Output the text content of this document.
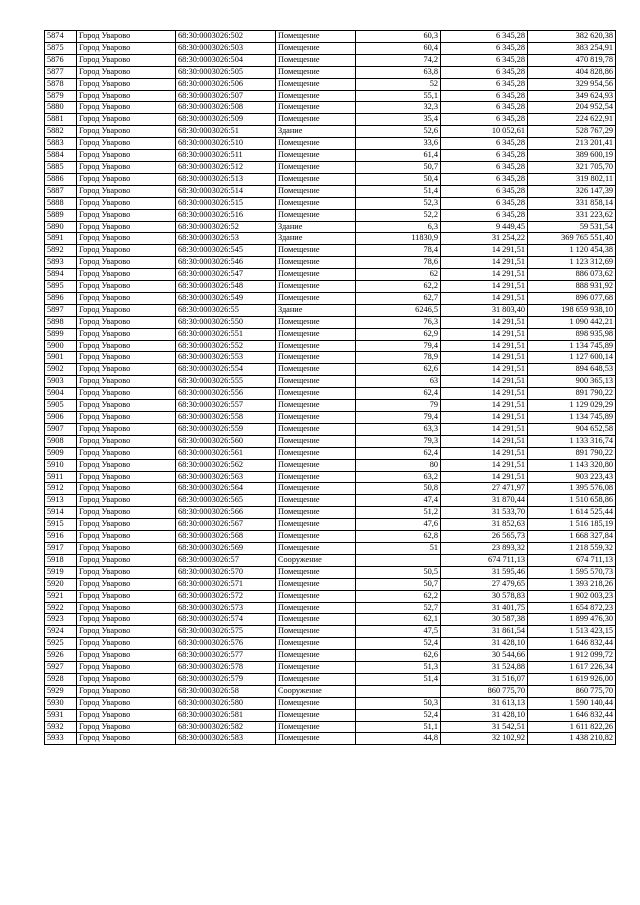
5874	Город Уварово	68:30:0003026:502	Помещение	60,3	6 345,28	382 620,38
5875	Город Уварово	68:30:0003026:503	Помещение	60,4	6 345,28	383 254,91
5876	Город Уварово	68:30:0003026:504	Помещение	74,2	6 345,28	470 819,78
5877	Город Уварово	68:30:0003026:505	Помещение	63,8	6 345,28	404 828,86
5878	Город Уварово	68:30:0003026:506	Помещение	52	6 345,28	329 954,56
5879	Город Уварово	68:30:0003026:507	Помещение	55,1	6 345,28	349 624,93
5880	Город Уварово	68:30:0003026:508	Помещение	32,3	6 345,28	204 952,54
5881	Город Уварово	68:30:0003026:509	Помещение	35,4	6 345,28	224 622,91
5882	Город Уварово	68:30:0003026:51	Здание	52,6	10 052,61	528 767,29
5883	Город Уварово	68:30:0003026:510	Помещение	33,6	6 345,28	213 201,41
5884	Город Уварово	68:30:0003026:511	Помещение	61,4	6 345,28	389 600,19
5885	Город Уварово	68:30:0003026:512	Помещение	50,7	6 345,28	321 705,70
5886	Город Уварово	68:30:0003026:513	Помещение	50,4	6 345,28	319 802,11
5887	Город Уварово	68:30:0003026:514	Помещение	51,4	6 345,28	326 147,39
5888	Город Уварово	68:30:0003026:515	Помещение	52,3	6 345,28	331 858,14
5889	Город Уварово	68:30:0003026:516	Помещение	52,2	6 345,28	331 223,62
5890	Город Уварово	68:30:0003026:52	Здание	6,3	9 449,45	59 531,54
5891	Город Уварово	68:30:0003026:53	Здание	11830,9	31 254,22	369 765 551,40
5892	Город Уварово	68:30:0003026:545	Помещение	78,4	14 291,51	1 120 454,38
5893	Город Уварово	68:30:0003026:546	Помещение	78,6	14 291,51	1 123 312,69
5894	Город Уварово	68:30:0003026:547	Помещение	62	14 291,51	886 073,62
5895	Город Уварово	68:30:0003026:548	Помещение	62,2	14 291,51	888 931,92
5896	Город Уварово	68:30:0003026:549	Помещение	62,7	14 291,51	896 077,68
5897	Город Уварово	68:30:0003026:55	Здание	6246,5	31 803,40	198 659 938,10
5898	Город Уварово	68:30:0003026:550	Помещение	76,3	14 291,51	1 090 442,21
5899	Город Уварово	68:30:0003026:551	Помещение	62,9	14 291,51	898 935,98
5900	Город Уварово	68:30:0003026:552	Помещение	79,4	14 291,51	1 134 745,89
5901	Город Уварово	68:30:0003026:553	Помещение	78,9	14 291,51	1 127 600,14
5902	Город Уварово	68:30:0003026:554	Помещение	62,6	14 291,51	894 648,53
5903	Город Уварово	68:30:0003026:555	Помещение	63	14 291,51	900 365,13
5904	Город Уварово	68:30:0003026:556	Помещение	62,4	14 291,51	891 790,22
5905	Город Уварово	68:30:0003026:557	Помещение	79	14 291,51	1 129 029,29
5906	Город Уварово	68:30:0003026:558	Помещение	79,4	14 291,51	1 134 745,89
5907	Город Уварово	68:30:0003026:559	Помещение	63,3	14 291,51	904 652,58
5908	Город Уварово	68:30:0003026:560	Помещение	79,3	14 291,51	1 133 316,74
5909	Город Уварово	68:30:0003026:561	Помещение	62,4	14 291,51	891 790,22
5910	Город Уварово	68:30:0003026:562	Помещение	80	14 291,51	1 143 320,80
5911	Город Уварово	68:30:0003026:563	Помещение	63,2	14 291,51	903 223,43
5912	Город Уварово	68:30:0003026:564	Помещение	50,8	27 471,97	1 395 576,08
5913	Город Уварово	68:30:0003026:565	Помещение	47,4	31 870,44	1 510 658,86
5914	Город Уварово	68:30:0003026:566	Помещение	51,2	31 533,70	1 614 525,44
5915	Город Уварово	68:30:0003026:567	Помещение	47,6	31 852,63	1 516 185,19
5916	Город Уварово	68:30:0003026:568	Помещение	62,8	26 565,73	1 668 327,84
5917	Город Уварово	68:30:0003026:569	Помещение	51	23 893,32	1 218 559,32
5918	Город Уварово	68:30:0003026:57	Сооружение		674 711,13	674 711,13
5919	Город Уварово	68:30:0003026:570	Помещение	50,5	31 595,46	1 595 570,73
5920	Город Уварово	68:30:0003026:571	Помещение	50,7	27 479,65	1 393 218,26
5921	Город Уварово	68:30:0003026:572	Помещение	62,2	30 578,83	1 902 003,23
5922	Город Уварово	68:30:0003026:573	Помещение	52,7	31 401,75	1 654 872,23
5923	Город Уварово	68:30:0003026:574	Помещение	62,1	30 587,38	1 899 476,30
5924	Город Уварово	68:30:0003026:575	Помещение	47,5	31 861,54	1 513 423,15
5925	Город Уварово	68:30:0003026:576	Помещение	52,4	31 428,10	1 646 832,44
5926	Город Уварово	68:30:0003026:577	Помещение	62,6	30 544,66	1 912 099,72
5927	Город Уварово	68:30:0003026:578	Помещение	51,3	31 524,88	1 617 226,34
5928	Город Уварово	68:30:0003026:579	Помещение	51,4	31 516,07	1 619 926,00
5929	Город Уварово	68:30:0003026:58	Сооружение		860 775,70	860 775,70
5930	Город Уварово	68:30:0003026:580	Помещение	50,3	31 613,13	1 590 140,44
5931	Город Уварово	68:30:0003026:581	Помещение	52,4	31 428,10	1 646 832,44
5932	Город Уварово	68:30:0003026:582	Помещение	51,1	31 542,51	1 611 822,26
5933	Город Уварово	68:30:0003026:583	Помещение	44,8	32 102,92	1 438 210,82
